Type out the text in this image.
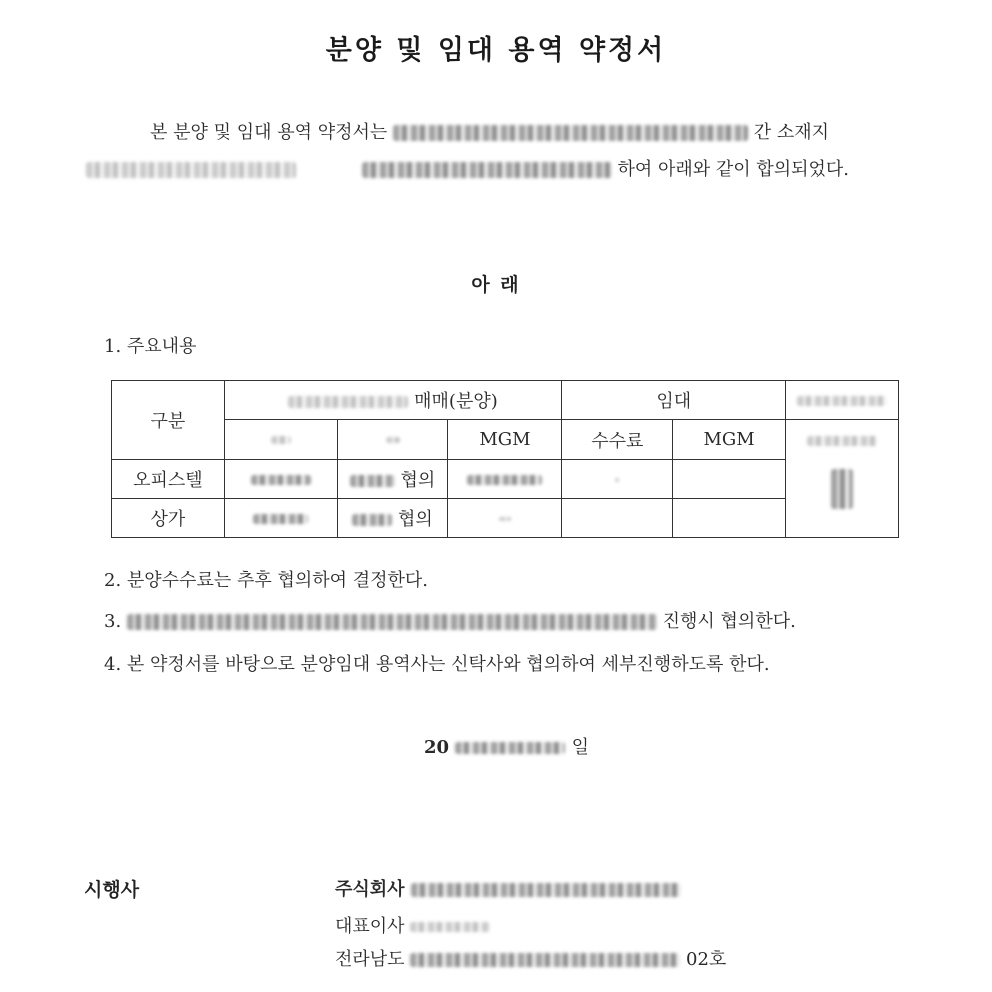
분양 및 임대 용역 약정서
본 분양 및 임대 용역 약정서는	간 소재지
하여 아래와 같이 합의되었다.
아 래
1. 주요내용
구분	매매(분양)			임대		
			MGM	수수료	MGM	

오피스텔		협의				
상가		협의				
2. 분양수수료는 추후 협의하여 결정한다.
3.	진행시 협의한다.
4. 본 약정서를 바탕으로 분양임대 용역사는 신탁사와 협의하여 세부진행하도록 한다.
20	일
시행사	주식회사
대표이사
전라남도	02호
